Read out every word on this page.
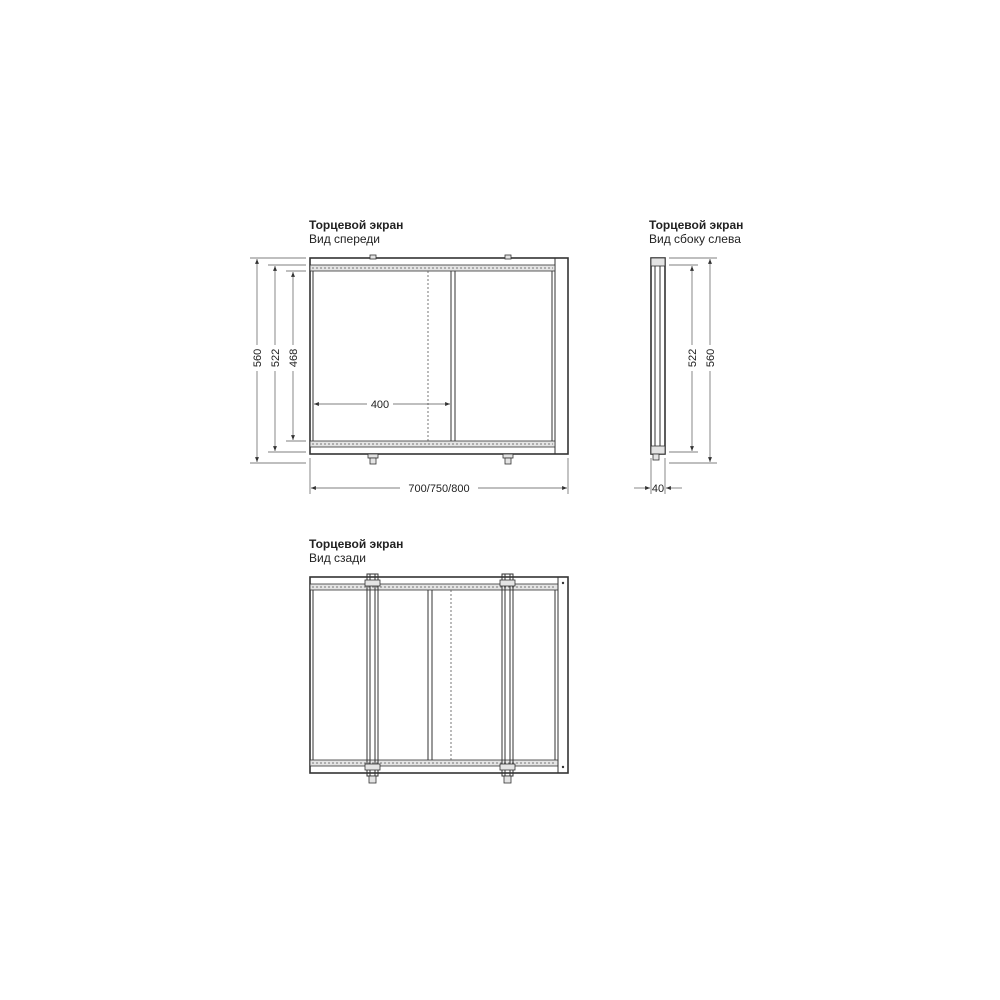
Торцевой экран
Вид спереди
Торцевой экран
Вид сбоку слева
Торцевой экран
Вид сзади
560 522 468
400
700/750/800
522 560
40
